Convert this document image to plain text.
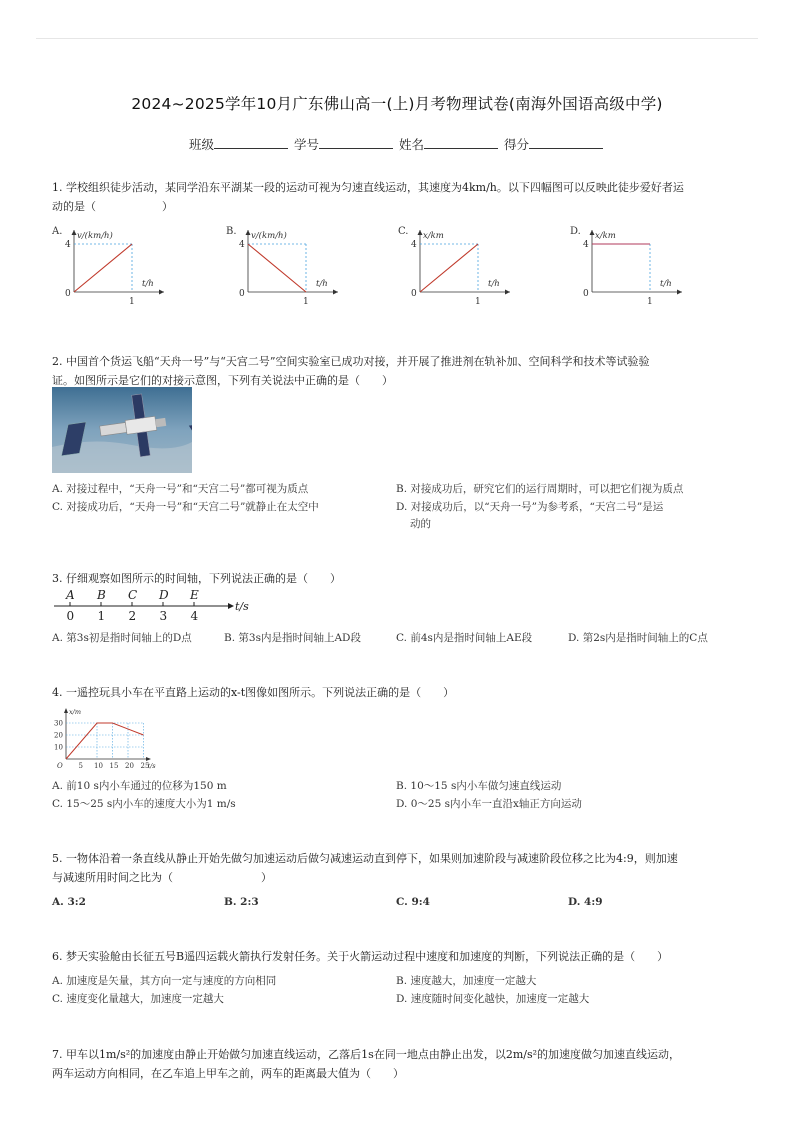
2024~2025学年10月广东佛山高一(上)月考物理试卷(南海外国语高级中学)
班级	学号	姓名	得分
1. 学校组织徒步活动，某同学沿东平湖某一段的运动可视为匀速直线运动，其速度为4km/h。以下四幅图可以反映此徒步爱好者运
动的是（　　　　　　）
A. v/(km/h)
t/h
4
1
0
B. v/(km/h)
t/h
4
1
0
C. x/km
t/h
4
1
0
D. x/km
t/h
4
1
0
2. 中国首个货运飞船“天舟一号”与“天宫二号”空间实验室已成功对接，并开展了推进剂在轨补加、空间科学和技术等试验验
证。如图所示是它们的对接示意图，下列有关说法中正确的是（　　）
A. 对接过程中，“天舟一号”和“天宫二号”都可视为质点	B. 对接成功后，研究它们的运行周期时，可以把它们视为质点
C. 对接成功后，“天舟一号”和“天宫二号”就静止在太空中	D. 对接成功后，以“天舟一号”为参考系，“天宫二号”是运
动的
3. 仔细观察如图所示的时间轴，下列说法正确的是（　　）
A
0
B
1
C
2
D
3
E
4
t/s
A. 第3s初是指时间轴上的D点	B. 第3s内是指时间轴上AD段	C. 前4s内是指时间轴上AE段	D. 第2s内是指时间轴上的C点
4. 一遥控玩具小车在平直路上运动的x-t图像如图所示。下列说法正确的是（　　）
x/m
O	t/s
10
20
30
5 10 15 20 25
A. 前10 s内小车通过的位移为150 m	B. 10～15 s内小车做匀速直线运动
C. 15～25 s内小车的速度大小为1 m/s	D. 0～25 s内小车一直沿x轴正方向运动
5. 一物体沿着一条直线从静止开始先做匀加速运动后做匀减速运动直到停下，如果则加速阶段与减速阶段位移之比为4:9，则加速
与减速所用时间之比为（　　　　　　　　）
A. 3:2	B. 2:3	C. 9:4	D. 4:9
6. 梦天实验舱由长征五号B遥四运载火箭执行发射任务。关于火箭运动过程中速度和加速度的判断，下列说法正确的是（　　）
A. 加速度是矢量，其方向一定与速度的方向相同	B. 速度越大，加速度一定越大
C. 速度变化量越大，加速度一定越大	D. 速度随时间变化越快，加速度一定越大
7. 甲车以1m/s²的加速度由静止开始做匀加速直线运动，乙落后1s在同一地点由静止出发，以2m/s²的加速度做匀加速直线运动，
两车运动方向相同，在乙车追上甲车之前，两车的距离最大值为（　　）
